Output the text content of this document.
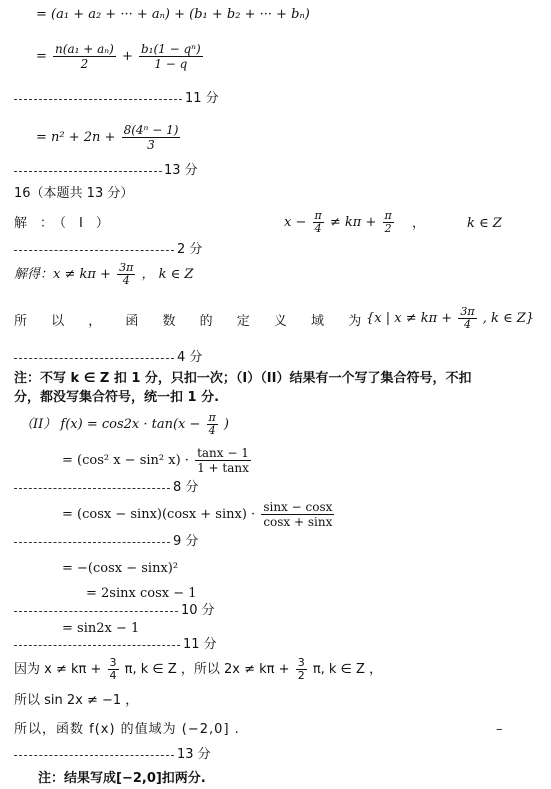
= (a₁ + a₂ + ··· + aₙ) + (b₁ + b₂ + ··· + bₙ)
= $\frac{\text{n(a₁ + aₙ)}}{2} + \frac{\text{b₁(1 − qⁿ)}}{1 - q}$
11 分
= $n^2 + 2n + \frac{\text{8(4ⁿ − 1)}}{3}$
13 分
16（本题共 13 分）
解　：　（　I　）	$x - \frac{\pi}{4} \ne k\pi + \frac{\pi}{2}$ ，	k ∈ Z
2 分
解得：$x \ne k\pi + \frac{3\pi}{4}$ ， k ∈ Z
所 以 ， 函 数 的 定 义 域 为 {x | $x \ne k\pi + \frac{3\pi}{4}$ , k ∈ Z}
4 分
注：不写 k ∈ Z 扣 1 分，只扣一次；（I）（II）结果有一个写了集合符号，不扣
分，都没写集合符号，统一扣 1 分.
（II） $f(x) = \cos 2x \cdot \tan(x - \frac{\pi}{4}$ )
= (cos² x − sin² $x) \cdot \frac{\tan x - 1}{1 + \tan x}$
8 分
= $(\cos x - \sin x)(\cos x + \sin x) \cdot \frac{\sin x - \cos x}{\cos x + \sin x}$
9 分
= −(cosx − sinx)²
= 2sinx cosx − 1
10 分
= sin2x − 1
11 分
因为 $x \ne k\pi + \frac{3}{4} \pi$, k ∈ Z ，所以 $2x \ne k\pi + \frac{3}{2} \pi$, k ∈ Z ，
所以 sin 2x ≠ −1 ，
所以，函数 f(x) 的值域为 (−2,0] .	–
13 分
注：结果写成[−2,0]扣两分.
